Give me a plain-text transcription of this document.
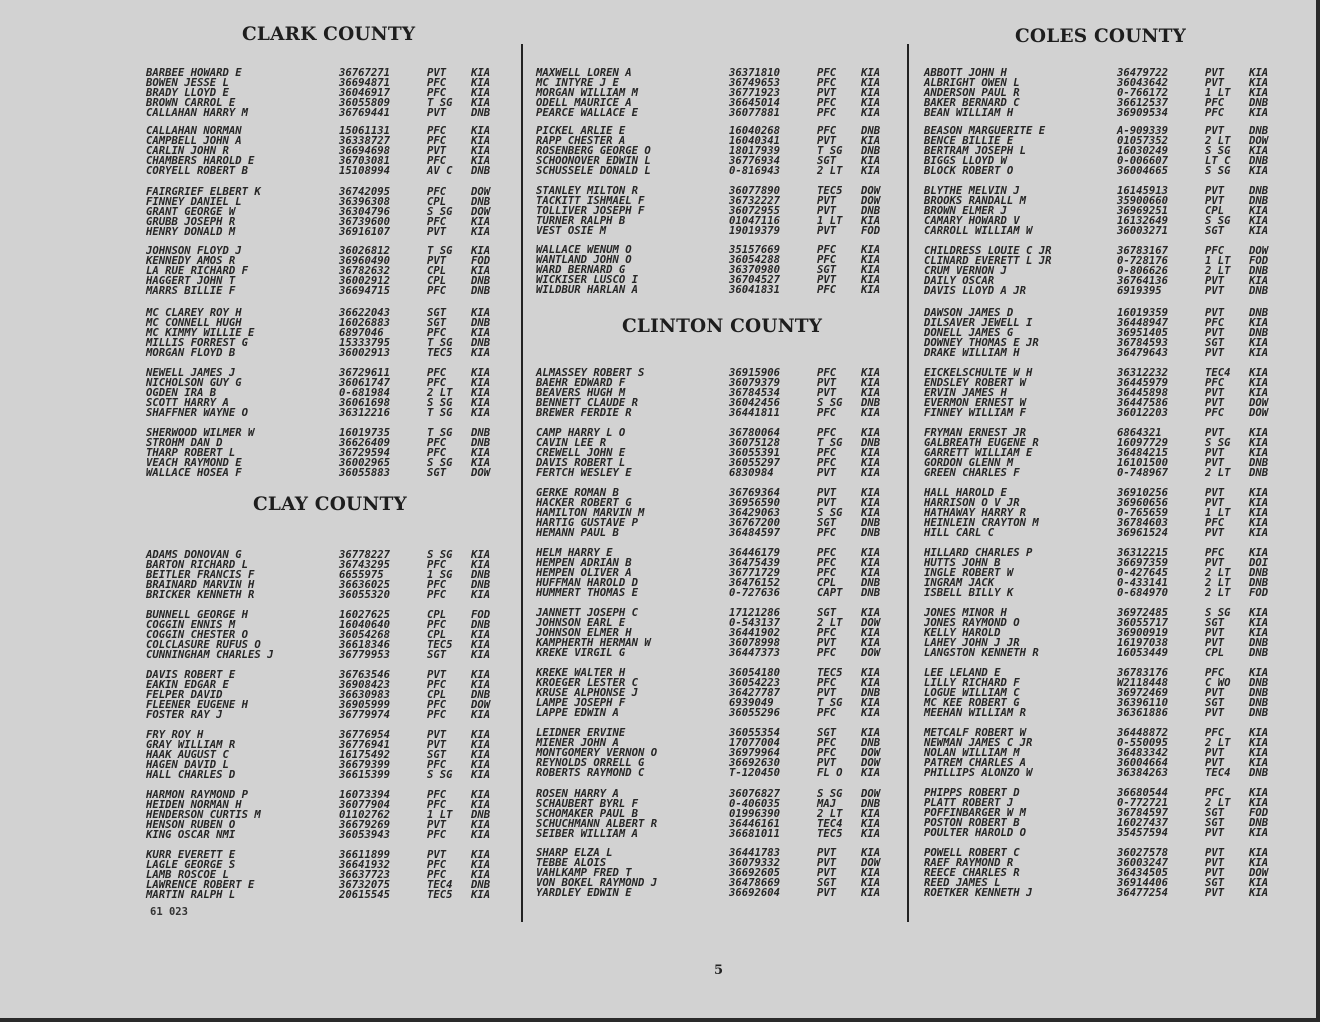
CLARK COUNTY
BARBEE HOWARD E	36767271	PVT KIA
BOWEN JESSE L	36694871	PFC KIA
BRADY LLOYD E	36046917	PFC KIA
BROWN CARROL E	36055809	T SG KIA
CALLAHAN HARRY M	36769441	PVT DNB
CALLAHAN NORMAN	15061131	PFC KIA
CAMPBELL JOHN A	36338727	PFC KIA
CARLIN JOHN R	36694698	PVT KIA
CHAMBERS HAROLD E	36703081	PFC KIA
CORYELL ROBERT B	15108994	AV C DNB
FAIRGRIEF ELBERT K	36742095	PFC DOW
FINNEY DANIEL L	36396308	CPL DNB
GRANT GEORGE W	36304796	S SG DOW
GRUBB JOSEPH R	36739600	PFC KIA
HENRY DONALD M	36916107	PVT KIA
JOHNSON FLOYD J	36026812	T SG KIA
KENNEDY AMOS R	36960490	PVT FOD
LA RUE RICHARD F	36782632	CPL KIA
HAGGERT JOHN T	36002912	CPL DNB
MARRS BILLIE F	36694715	PFC DNB
MC CLAREY ROY H	36622043	SGT KIA
MC CONNELL HUGH	16026883	SGT DNB
MC KIMMY WILLIE E	6897046	PFC KIA
MILLIS FORREST G	15333795	T SG DNB
MORGAN FLOYD B	36002913	TEC5 KIA
NEWELL JAMES J	36729611	PFC KIA
NICHOLSON GUY G	36061747	PFC KIA
OGDEN IRA B	0-681984	2 LT KIA
SCOTT HARRY A	36061698	S SG KIA
SHAFFNER WAYNE O	36312216	T SG KIA
SHERWOOD WILMER W	16019735	T SG DNB
STROHM DAN D	36626409	PFC DNB
THARP ROBERT L	36729594	PFC KIA
VEACH RAYMOND E	36002965	S SG KIA
WALLACE HOSEA F	36055883	SGT DOW
CLAY COUNTY
ADAMS DONOVAN G	36778227	S SG KIA
BARTON RICHARD L	36743295	PFC KIA
BEITLER FRANCIS F	6655975	1 SG DNB
BRAINARD MARVIN H	36636025	PFC DNB
BRICKER KENNETH R	36055320	PFC KIA
BUNNELL GEORGE H	16027625	CPL FOD
COGGIN ENNIS M	16040640	PFC DNB
COGGIN CHESTER O	36054268	CPL KIA
COLCLASURE RUFUS O	36618346	TEC5 KIA
CUNNINGHAM CHARLES J	36779953	SGT KIA
DAVIS ROBERT E	36763546	PVT KIA
EAKIN EDGAR E	36908423	PFC KIA
FELPER DAVID	36630983	CPL DNB
FLEENER EUGENE H	36905999	PFC DOW
FOSTER RAY J	36779974	PFC KIA
FRY ROY H	36776954	PVT KIA
GRAY WILLIAM R	36776941	PVT KIA
HAAK AUGUST C	16175492	SGT KIA
HAGEN DAVID L	36679399	PFC KIA
HALL CHARLES D	36615399	S SG KIA
HARMON RAYMOND P	16073394	PFC KIA
HEIDEN NORMAN H	36077904	PFC KIA
HENDERSON CURTIS M	01102762	1 LT DNB
HENSON RUBEN O	36679269	PVT KIA
KING OSCAR NMI	36053943	PFC KIA
KURR EVERETT E	36611899	PVT KIA
LAGLE GEORGE S	36641932	PFC KIA
LAMB ROSCOE L	36637723	PFC KIA
LAWRENCE ROBERT E	36732075	TEC4 DNB
MARTIN RALPH L	20615545	TEC5 KIA
MAXWELL LOREN A	36371810	PFC KIA
MC INTYRE J E	36749653	PFC KIA
MORGAN WILLIAM M	36771923	PVT KIA
ODELL MAURICE A	36645014	PFC KIA
PEARCE WALLACE E	36077881	PFC KIA
PICKEL ARLIE E	16040268	PFC DNB
RAPP CHESTER A	16040341	PVT KIA
ROSENBERG GEORGE O	18017939	T SG DNB
SCHOONOVER EDWIN L	36776934	SGT KIA
SCHUSSELE DONALD L	0-816943	2 LT KIA
STANLEY MILTON R	36077890	TEC5 DOW
TACKITT ISHMAEL F	36732227	PVT DOW
TOLLIVER JOSEPH F	36072955	PVT DNB
TURNER RALPH B	01047116	1 LT KIA
VEST OSIE M	19019379	PVT FOD
WALLACE WENUM O	35157669	PFC KIA
WANTLAND JOHN O	36054288	PFC KIA
WARD BERNARD G	36370980	SGT KIA
WICKISER LUSCO I	36704527	PVT KIA
WILDBUR HARLAN A	36041831	PFC KIA
CLINTON COUNTY
ALMASSEY ROBERT S	36915906	PFC KIA
BAEHR EDWARD F	36079379	PVT KIA
BEAVERS HUGH M	36784534	PVT KIA
BENNETT CLAUDE R	36042456	S SG DNB
BREWER FERDIE R	36441811	PFC KIA
CAMP HARRY L O	36780064	PFC KIA
CAVIN LEE R	36075128	T SG DNB
CREWELL JOHN E	36055391	PFC KIA
DAVIS ROBERT L	36055297	PFC KIA
FERTCH WESLEY E	6830984	PVT KIA
GERKE ROMAN B	36769364	PVT KIA
HACKER ROBERT G	36956590	PVT KIA
HAMILTON MARVIN M	36429063	S SG KIA
HARTIG GUSTAVE P	36767200	SGT DNB
HEMANN PAUL B	36484597	PFC DNB
HELM HARRY E	36446179	PFC KIA
HEMPEN ADRIAN B	36475439	PFC KIA
HEMPEN OLIVER A	36771729	PFC KIA
HUFFMAN HAROLD D	36476152	CPL DNB
HUMMERT THOMAS E	0-727636	CAPT DNB
JANNETT JOSEPH C	17121286	SGT KIA
JOHNSON EARL E	0-543137	2 LT DOW
JOHNSON ELMER H	36441902	PFC KIA
KAMPHERTH HERMAN W	36078998	PVT KIA
KREKE VIRGIL G	36447373	PFC DOW
KREKE WALTER H	36054180	TEC5 KIA
KROEGER LESTER C	36054223	PFC KIA
KRUSE ALPHONSE J	36427787	PVT DNB
LAMPE JOSEPH F	6939049	T SG KIA
LAPPE EDWIN A	36055296	PFC KIA
LEIDNER ERVINE	36055354	SGT KIA
MIENER JOHN A	17077004	PFC DNB
MONTGOMERY VERNON O	36979964	PFC DOW
REYNOLDS ORRELL G	36692630	PVT DOW
ROBERTS RAYMOND C	T-120450	FL O KIA
ROSEN HARRY A	36076827	S SG DOW
SCHAUBERT BYRL F	0-406035	MAJ DNB
SCHOMAKER PAUL B	01996390	2 LT KIA
SCHUCHMANN ALBERT R	36446161	TEC4 KIA
SEIBER WILLIAM A	36681011	TEC5 KIA
SHARP ELZA L	36441783	PVT KIA
TEBBE ALOIS	36079332	PVT DOW
VAHLKAMP FRED T	36692605	PVT KIA
VON BOKEL RAYMOND J	36478669	SGT KIA
YARDLEY EDWIN E	36692604	PVT KIA
COLES COUNTY
ABBOTT JOHN H	36479722	PVT KIA
ALBRIGHT OWEN L	36043642	PVT KIA
ANDERSON PAUL R	0-766172	1 LT KIA
BAKER BERNARD C	36612537	PFC DNB
BEAN WILLIAM H	36909534	PFC KIA
BEASON MARGUERITE E	A-909339	PVT DNB
BENCE BILLIE E	01057352	2 LT DOW
BERTRAM JOSEPH L	16030249	S SG KIA
BIGGS LLOYD W	0-006607	LT C DNB
BLOCK ROBERT O	36004665	S SG KIA
BLYTHE MELVIN J	16145913	PVT DNB
BROOKS RANDALL M	35900660	PVT DNB
BROWN ELMER J	36969251	CPL KIA
CAMARY HOWARD V	16132649	S SG KIA
CARROLL WILLIAM W	36003271	SGT KIA
CHILDRESS LOUIE C JR	36783167	PFC DOW
CLINARD EVERETT L JR	0-728176	1 LT FOD
CRUM VERNON J	0-806626	2 LT DNB
DAILY OSCAR	36764136	PVT KIA
DAVIS LLOYD A JR	6919395	PVT DNB
DAWSON JAMES D	16019359	PVT DNB
DILSAVER JEWELL I	36448947	PFC KIA
DONELL JAMES G	36951405	PVT DNB
DOWNEY THOMAS E JR	36784593	SGT KIA
DRAKE WILLIAM H	36479643	PVT KIA
EICKELSCHULTE W H	36312232	TEC4 KIA
ENDSLEY ROBERT W	36445979	PFC KIA
ERVIN JAMES H	36445898	PVT KIA
EVERMON ERNEST W	36447586	PVT DOW
FINNEY WILLIAM F	36012203	PFC DOW
FRYMAN ERNEST JR	6864321	PVT KIA
GALBREATH EUGENE R	16097729	S SG KIA
GARRETT WILLIAM E	36484215	PVT KIA
GORDON GLENN M	16101500	PVT DNB
GREEN CHARLES F	0-748967	2 LT DNB
HALL HAROLD E	36910256	PVT KIA
HARRISON O V JR	36960656	PVT KIA
HATHAWAY HARRY R	0-765659	1 LT KIA
HEINLEIN CRAYTON M	36784603	PFC KIA
HILL CARL C	36961524	PVT KIA
HILLARD CHARLES P	36312215	PFC KIA
HUTTS JOHN B	36697359	PVT DOI
INGLE ROBERT W	0-427645	2 LT DNB
INGRAM JACK	0-433141	2 LT DNB
ISBELL BILLY K	0-684970	2 LT FOD
JONES MINOR H	36972485	S SG KIA
JONES RAYMOND O	36055717	SGT KIA
KELLY HAROLD	36900919	PVT KIA
LAHEY JOHN J JR	16197038	PVT DNB
LANGSTON KENNETH R	16053449	CPL DNB
LEE LELAND E	36783176	PFC KIA
LILLY RICHARD F	W2118448	C WO DNB
LOGUE WILLIAM C	36972469	PVT DNB
MC KEE ROBERT G	36396110	SGT DNB
MEEHAN WILLIAM R	36361886	PVT DNB
METCALF ROBERT W	36448872	PFC KIA
NEWMAN JAMES C JR	0-550095	2 LT KIA
NOLAN WILLIAM M	36483342	PVT KIA
PATREM CHARLES A	36004664	PVT KIA
PHILLIPS ALONZO W	36384263	TEC4 DNB
PHIPPS ROBERT D	36680544	PFC KIA
PLATT ROBERT J	0-772721	2 LT KIA
POFFINBARGER W M	36784597	SGT FOD
POSTON ROBERT B	16027437	SGT DNB
POULTER HAROLD O	35457594	PVT KIA
POWELL ROBERT C	36027578	PVT KIA
RAEF RAYMOND R	36003247	PVT KIA
REECE CHARLES R	36434505	PVT DOW
REED JAMES L	36914406	SGT KIA
ROETKER KENNETH J	36477254	PVT KIA
61 023
5
